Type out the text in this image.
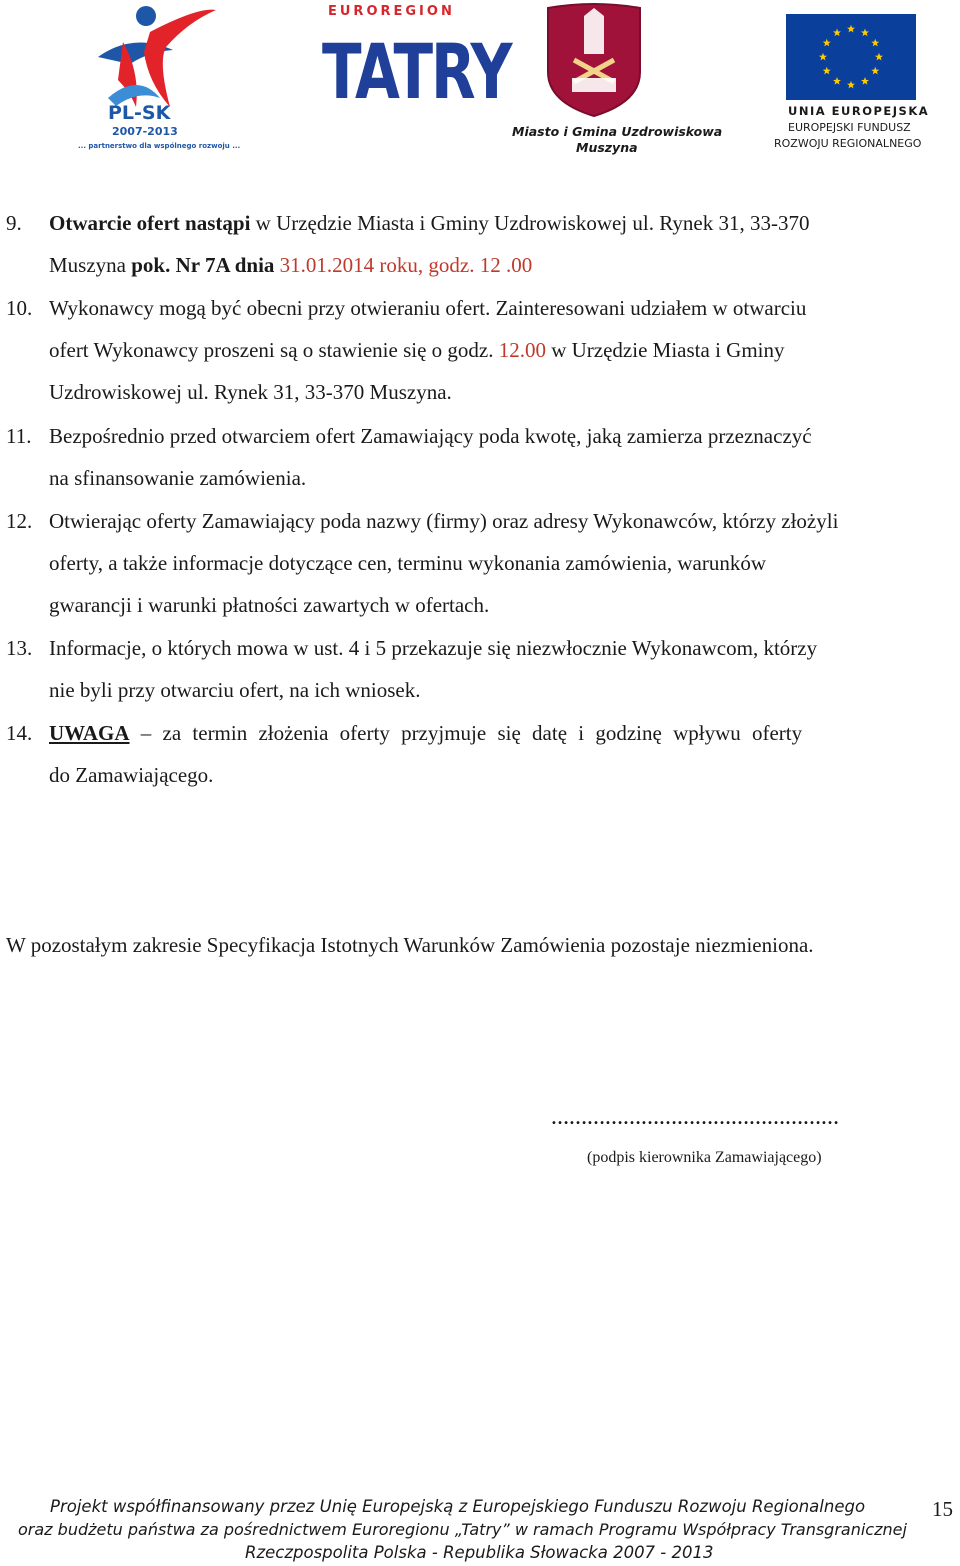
PL-SK
2007-2013
... partnerstwo dla wspólnego rozwoju ...
EUROREGION
TATRY
Miasto i Gmina Uzdrowiskowa
Muszyna
UNIA EUROPEJSKA
EUROPEJSKI FUNDUSZ
ROZWOJU REGIONALNEGO
9. Otwarcie ofert nastąpi w Urzędzie Miasta i Gminy Uzdrowiskowej ul. Rynek 31, 33-370
Muszyna pok. Nr 7A dnia 31.01.2014 roku, godz. 12 .00
10. Wykonawcy mogą być obecni przy otwieraniu ofert. Zainteresowani udziałem w otwarciu
ofert Wykonawcy proszeni są o stawienie się o godz. 12.00 w Urzędzie Miasta i Gminy
Uzdrowiskowej ul. Rynek 31, 33-370 Muszyna.
11. Bezpośrednio przed otwarciem ofert Zamawiający poda kwotę, jaką zamierza przeznaczyć
na sfinansowanie zamówienia.
12. Otwierając oferty Zamawiający poda nazwy (firmy) oraz adresy Wykonawców, którzy złożyli
oferty, a także informacje dotyczące cen, terminu wykonania zamówienia, warunków
gwarancji i warunki płatności zawartych w ofertach.
13. Informacje, o których mowa w ust. 4 i 5 przekazuje się niezwłocznie Wykonawcom, którzy
nie byli przy otwarciu ofert, na ich wniosek.
14. UWAGA – za termin złożenia oferty przyjmuje się datę i godzinę wpływu oferty
do Zamawiającego.
W pozostałym zakresie Specyfikacja Istotnych Warunków Zamówienia pozostaje niezmieniona.
…………………………………………
(podpis kierownika Zamawiającego)
Projekt współfinansowany przez Unię Europejską z Europejskiego Funduszu Rozwoju Regionalnego
oraz budżetu państwa za pośrednictwem Euroregionu „Tatry” w ramach Programu Współpracy Transgranicznej
Rzeczpospolita Polska - Republika Słowacka 2007 - 2013
15
